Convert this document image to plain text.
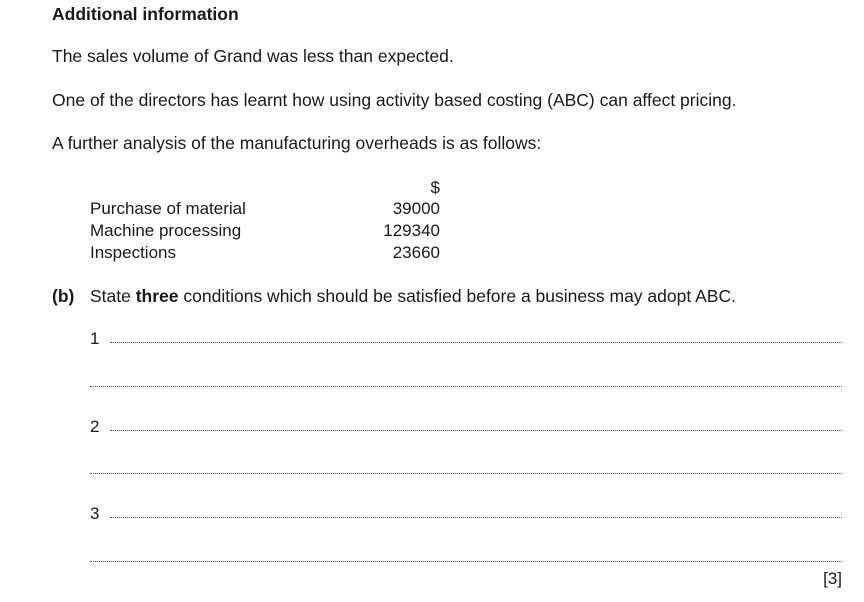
Additional information
The sales volume of Grand was less than expected.
One of the directors has learnt how using activity based costing (ABC) can affect pricing.
A further analysis of the manufacturing overheads is as follows:
$
Purchase of material	39000
Machine processing	129340
Inspections	23660
(b) State three conditions which should be satisfied before a business may adopt ABC.
1
2
3
[3]
